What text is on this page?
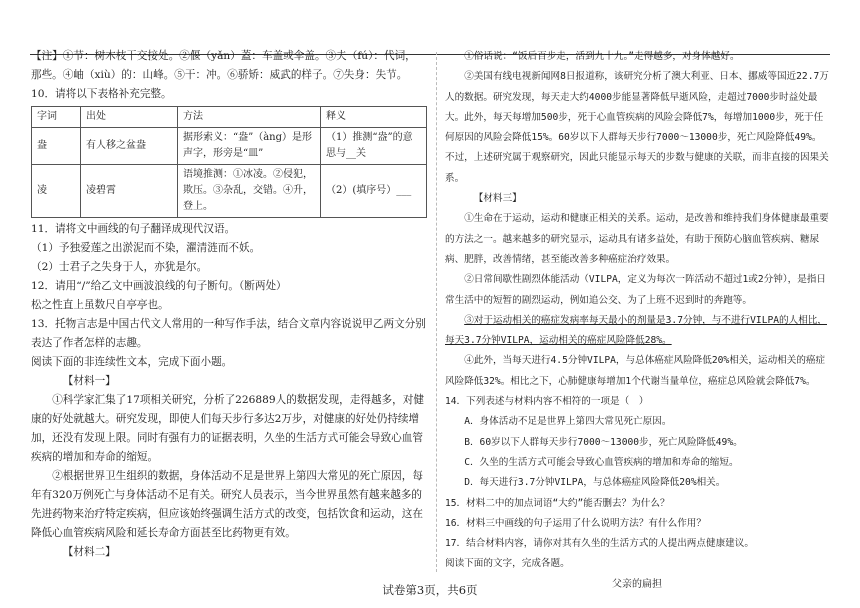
【注】①节：树木枝干交接处。②偃（yǎn）蓋：车盖或伞盖。③夫（fú）：代词，　那些。④岫（xiù）的：山峰。⑤干：冲。⑥骄矫：威武的样子。⑦失身：失节。

10．请将以下表格补充完整。

字词	出处	方法	释义
盎	有人移之盆盎	据形索义：“盎”（àng）是形声字，形旁是“皿”	（1）推测“盎”的意思与__关
凌	凌碧霄	语境推测：①冰凌。②侵犯，欺压。③杂乱，交错。④升，登上。	（2）(填序号）___

11．请将文中画线的句子翻译成现代汉语。

（1）予独爱莲之出淤泥而不染，濯清涟而不妖。

（2）士君子之失身于人，亦犹是尔。

12．请用“/”给乙文中画波浪线的句子断句。（断两处）

松之性直上虽数尺自亭亭也。

13．托物言志是中国古代文人常用的一种写作手法，结合文章内容说说甲乙两文分别表达了作者怎样的志趣。

阅读下面的非连续性文本，完成下面小题。

【材料一】

①科学家汇集了17项相关研究，分析了226889人的数据发现，走得越多，对健康的好处就越大。研究发现，即使人们每天步行多达2万步，对健康的好处仍持续增加，还没有发现上限。同时有强有力的证据表明，久坐的生活方式可能会导致心血管疾病的增加和寿命的缩短。

②根据世界卫生组织的数据，身体活动不足是世界上第四大常见的死亡原因，每年有320万例死亡与身体活动不足有关。研究人员表示，当今世界虽然有越来越多的先进药物来治疗特定疾病，但应该始终强调生活方式的改变，包括饮食和运动，这在降低心血管疾病风险和延长寿命方面甚至比药物更有效。

【材料二】

①俗话说：“饭后百步走，活到九十九。”走得越多，对身体越好。

②美国有线电视新闻网8日报道称，该研究分析了澳大利亚、日本、挪威等国近22.7万人的数据。研究发现，每天走大约4000步能显著降低早逝风险，走超过7000步时益处最大。此外，每天每增加500步，死于心血管疾病的风险会降低7%，每增加1000步，死于任何原因的风险会降低15%。60岁以下人群每天步行7000～13000步，死亡风险降低49%。不过，上述研究属于观察研究，因此只能显示每天的步数与健康的关联，而非直接的因果关系。

【材料三】

①生命在于运动，运动和健康正相关的关系。运动，是改善和维持我们身体健康最重要的方法之一。越来越多的研究显示，运动具有诸多益处，有助于预防心脑血管疾病、糖尿病、肥胖，改善情绪，甚至能改善多种癌症治疗效果。

②日常间歇性剧烈体能活动（VILPA，定义为每次一阵活动不超过1或2分钟），是指日常生活中的短暂的剧烈运动，例如追公交、为了上班不迟到时的奔跑等。

③对于运动相关的癌症发病率每天最小的剂量是3.7分钟，与不进行VILPA的人相比，每天3.7分钟VILPA，运动相关的癌症风险降低28%。

④此外，当每天进行4.5分钟VILPA，与总体癌症风险降低20%相关，运动相关的癌症风险降低32%。相比之下，心肺健康每增加1个代谢当量单位，癌症总风险就会降低7%。

14．下列表述与材料内容不相符的一项是（　）

A．身体活动不足是世界上第四大常见死亡原因。

B．60岁以下人群每天步行7000～13000步，死亡风险降低49%。

C．久坐的生活方式可能会导致心血管疾病的增加和寿命的缩短。

D．每天进行3.7分钟VILPA，与总体癌症风险降低20%相关。

15．材料二中的加点词语“大约”能否删去？为什么？

16．材料三中画线的句子运用了什么说明方法？有什么作用？

17．结合材料内容，请你对其有久坐的生活方式的人提出两点健康建议。

阅读下面的文字，完成各题。

父亲的扁担

试卷第3页，共6页
